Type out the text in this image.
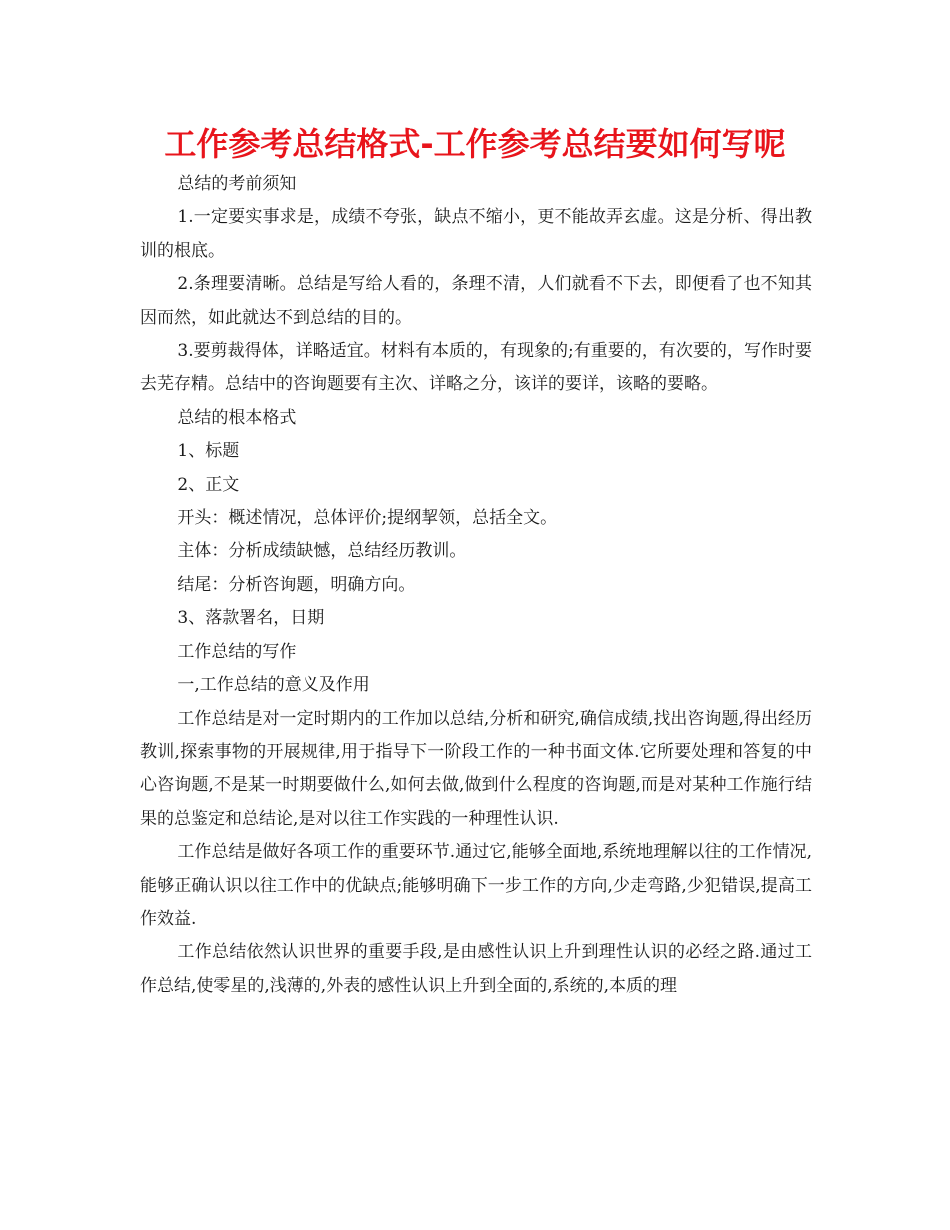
工作参考总结格式-工作参考总结要如何写呢

总结的考前须知

1.一定要实事求是，成绩不夸张，缺点不缩小，更不能故弄玄虚。这是分析、得出教训的根底。

2.条理要清晰。总结是写给人看的，条理不清，人们就看不下去，即便看了也不知其因而然，如此就达不到总结的目的。

3.要剪裁得体，详略适宜。材料有本质的，有现象的;有重要的，有次要的，写作时要去芜存精。总结中的咨询题要有主次、详略之分，该详的要详，该略的要略。

总结的根本格式

1、标题

2、正文

开头：概述情况，总体评价;提纲挈领，总括全文。

主体：分析成绩缺憾，总结经历教训。

结尾：分析咨询题，明确方向。

3、落款署名，日期

工作总结的写作

一,工作总结的意义及作用

工作总结是对一定时期内的工作加以总结,分析和研究,确信成绩,找出咨询题,得出经历教训,探索事物的开展规律,用于指导下一阶段工作的一种书面文体.它所要处理和答复的中心咨询题,不是某一时期要做什么,如何去做,做到什么程度的咨询题,而是对某种工作施行结果的总鉴定和总结论,是对以往工作实践的一种理性认识.

工作总结是做好各项工作的重要环节.通过它,能够全面地,系统地理解以往的工作情况,能够正确认识以往工作中的优缺点;能够明确下一步工作的方向,少走弯路,少犯错误,提高工作效益.

工作总结依然认识世界的重要手段,是由感性认识上升到理性认识的必经之路.通过工作总结,使零星的,浅薄的,外表的感性认识上升到全面的,系统的,本质的理
